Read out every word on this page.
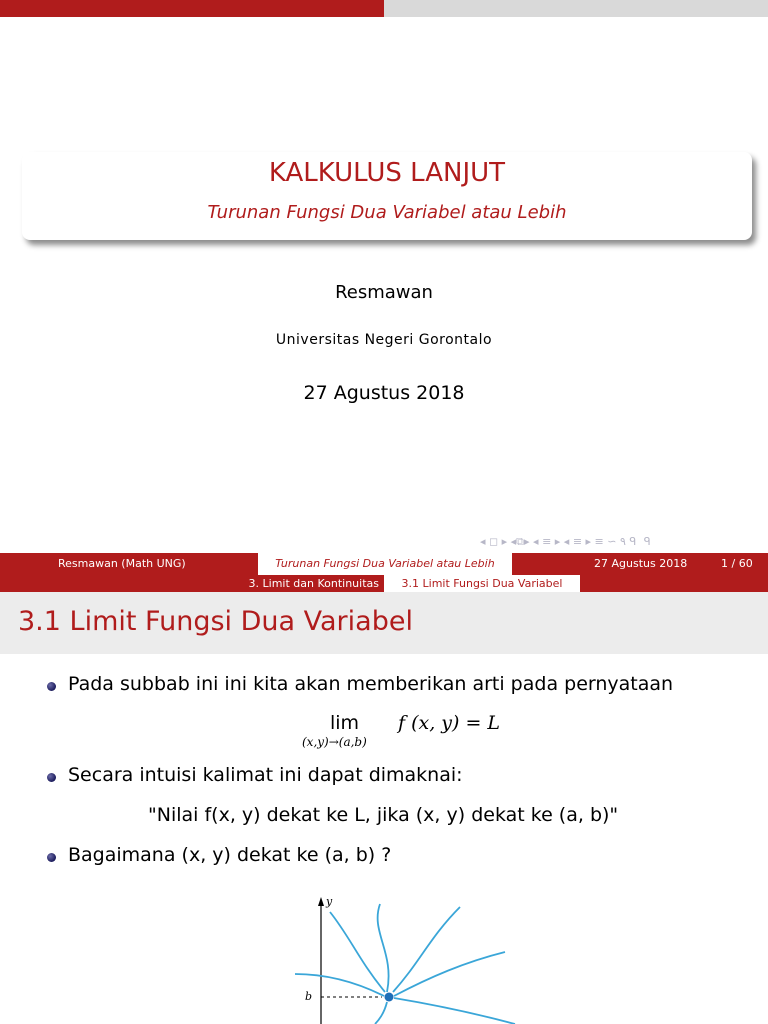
KALKULUS LANJUT
Turunan Fungsi Dua Variabel atau Lebih
Resmawan
Universitas Negeri Gorontalo
27 Agustus 2018
◂ ◻ ▸ ◂⧉▸ ◂ ≡ ▸ ◂ ≡ ▸ ≡ ∽ ٩ ᑫ ᑫ
Resmawan (Math UNG)	Turunan Fungsi Dua Variabel atau Lebih	27 Agustus 2018	1 / 60
3. Limit dan Kontinuitas	3.1 Limit Fungsi Dua Variabel
3.1 Limit Fungsi Dua Variabel
Pada subbab ini ini kita akan memberikan arti pada pernyataan
lim
(x,y)→(a,b)
f (x, y) = L
Secara intuisi kalimat ini dapat dimaknai:
"Nilai f(x, y) dekat ke L, jika (x, y) dekat ke (a, b)"
Bagaimana (x, y) dekat ke (a, b) ?
y
b
